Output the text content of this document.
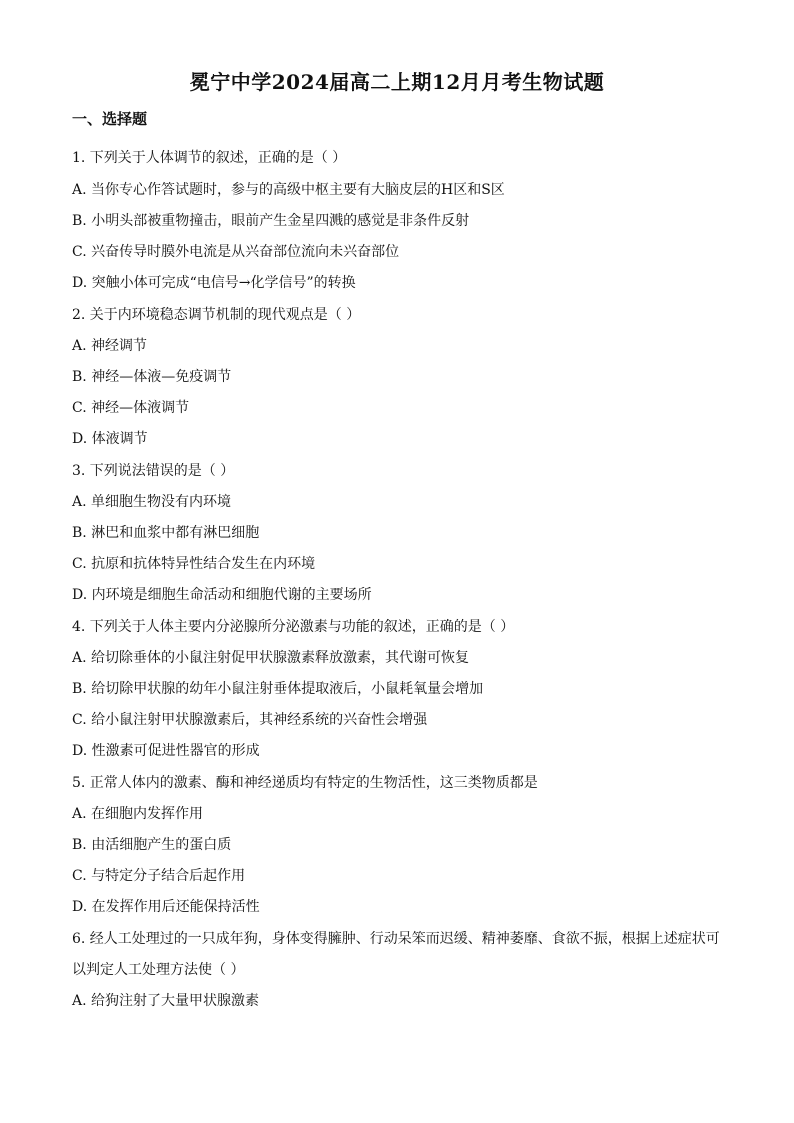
冕宁中学2024届高二上期12月月考生物试题
一、选择题
1. 下列关于人体调节的叙述，正确的是（ ）
A. 当你专心作答试题时，参与的高级中枢主要有大脑皮层的H区和S区
B. 小明头部被重物撞击，眼前产生金星四溅的感觉是非条件反射
C. 兴奋传导时膜外电流是从兴奋部位流向未兴奋部位
D. 突触小体可完成“电信号→化学信号”的转换
2. 关于内环境稳态调节机制的现代观点是（ ）
A. 神经调节
B. 神经—体液—免疫调节
C. 神经—体液调节
D. 体液调节
3. 下列说法错误的是（ ）
A. 单细胞生物没有内环境
B. 淋巴和血浆中都有淋巴细胞
C. 抗原和抗体特异性结合发生在内环境
D. 内环境是细胞生命活动和细胞代谢的主要场所
4. 下列关于人体主要内分泌腺所分泌激素与功能的叙述，正确的是（ ）
A. 给切除垂体的小鼠注射促甲状腺激素释放激素，其代谢可恢复
B. 给切除甲状腺的幼年小鼠注射垂体提取液后，小鼠耗氧量会增加
C. 给小鼠注射甲状腺激素后，其神经系统的兴奋性会增强
D. 性激素可促进性器官的形成
5. 正常人体内的激素、酶和神经递质均有特定的生物活性，这三类物质都是
A. 在细胞内发挥作用
B. 由活细胞产生的蛋白质
C. 与特定分子结合后起作用
D. 在发挥作用后还能保持活性
6. 经人工处理过的一只成年狗，身体变得臃肿、行动呆笨而迟缓、精神萎靡、食欲不振，根据上述症状可
以判定人工处理方法使（ ）
A. 给狗注射了大量甲状腺激素
